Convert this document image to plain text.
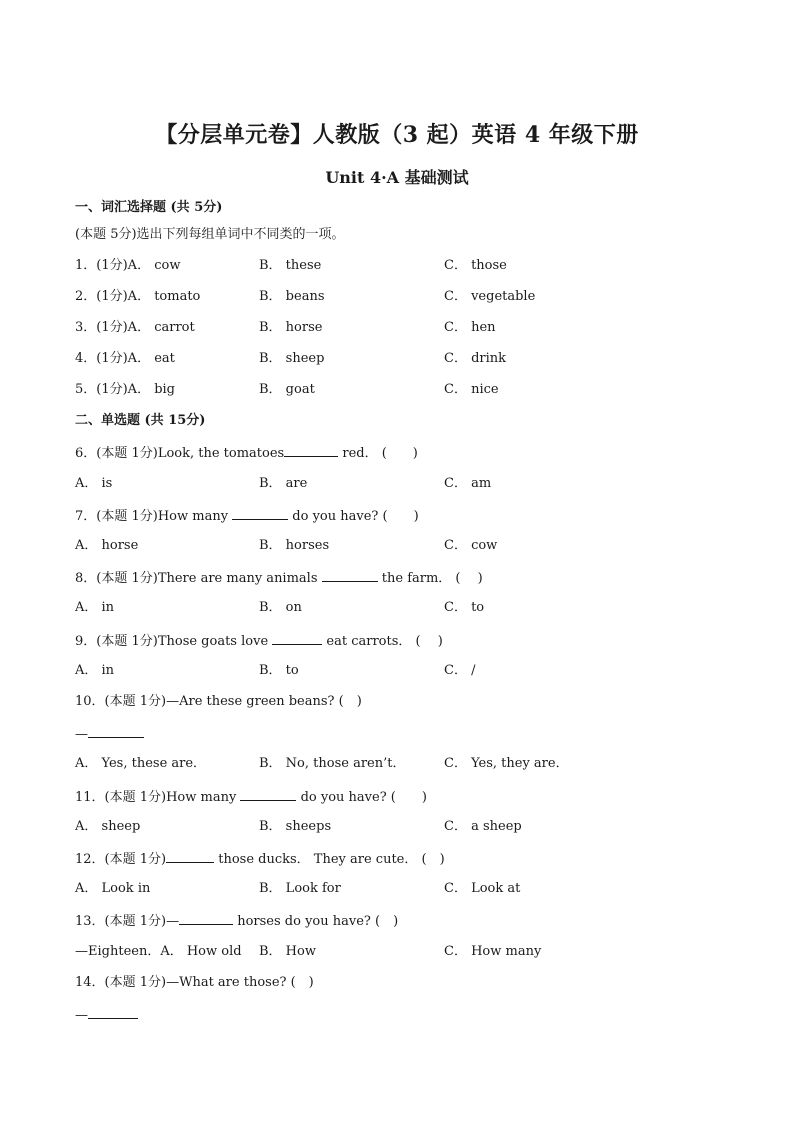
【分层单元卷】人教版（3 起）英语 4 年级下册
Unit 4·A 基础测试
一、词汇选择题 (共 5分)
(本题 5分)选出下列每组单词中不同类的一项。
1．(1分)A． cow	B． these	C． those
2．(1分)A． tomato	B． beans	C． vegetable
3．(1分)A． carrot	B． horse	C． hen
4．(1分)A． eat	B． sheep	C． drink
5．(1分)A． big	B． goat	C． nice
二、单选题 (共 15分)
6．(本题 1分)Look, the tomatoes	red． (　　)
A． is	B． are	C． am
7．(本题 1分)How many	do you have? (　　)
A． horse	B． horses	C． cow
8．(本题 1分)There are many animals	the farm． ( 　)
A． in	B． on	C． to
9．(本题 1分)Those goats love	eat carrots． ( 　)
A． in	B． to	C． /
10．(本题 1分)—Are these green beans? (　)
—
A． Yes, these are．	B． No, those aren’t．	C． Yes, they are．
11．(本题 1分)How many	do you have? (　　)
A． sheep	B． sheeps	C． a sheep
12．(本题 1分)	those ducks． They are cute． (　)
A． Look in	B． Look for	C． Look at
13．(本题 1分)—	horses do you have? (　)
—Eighteen．A． How old B． How	C． How many
14．(本题 1分)—What are those? (　)
—
